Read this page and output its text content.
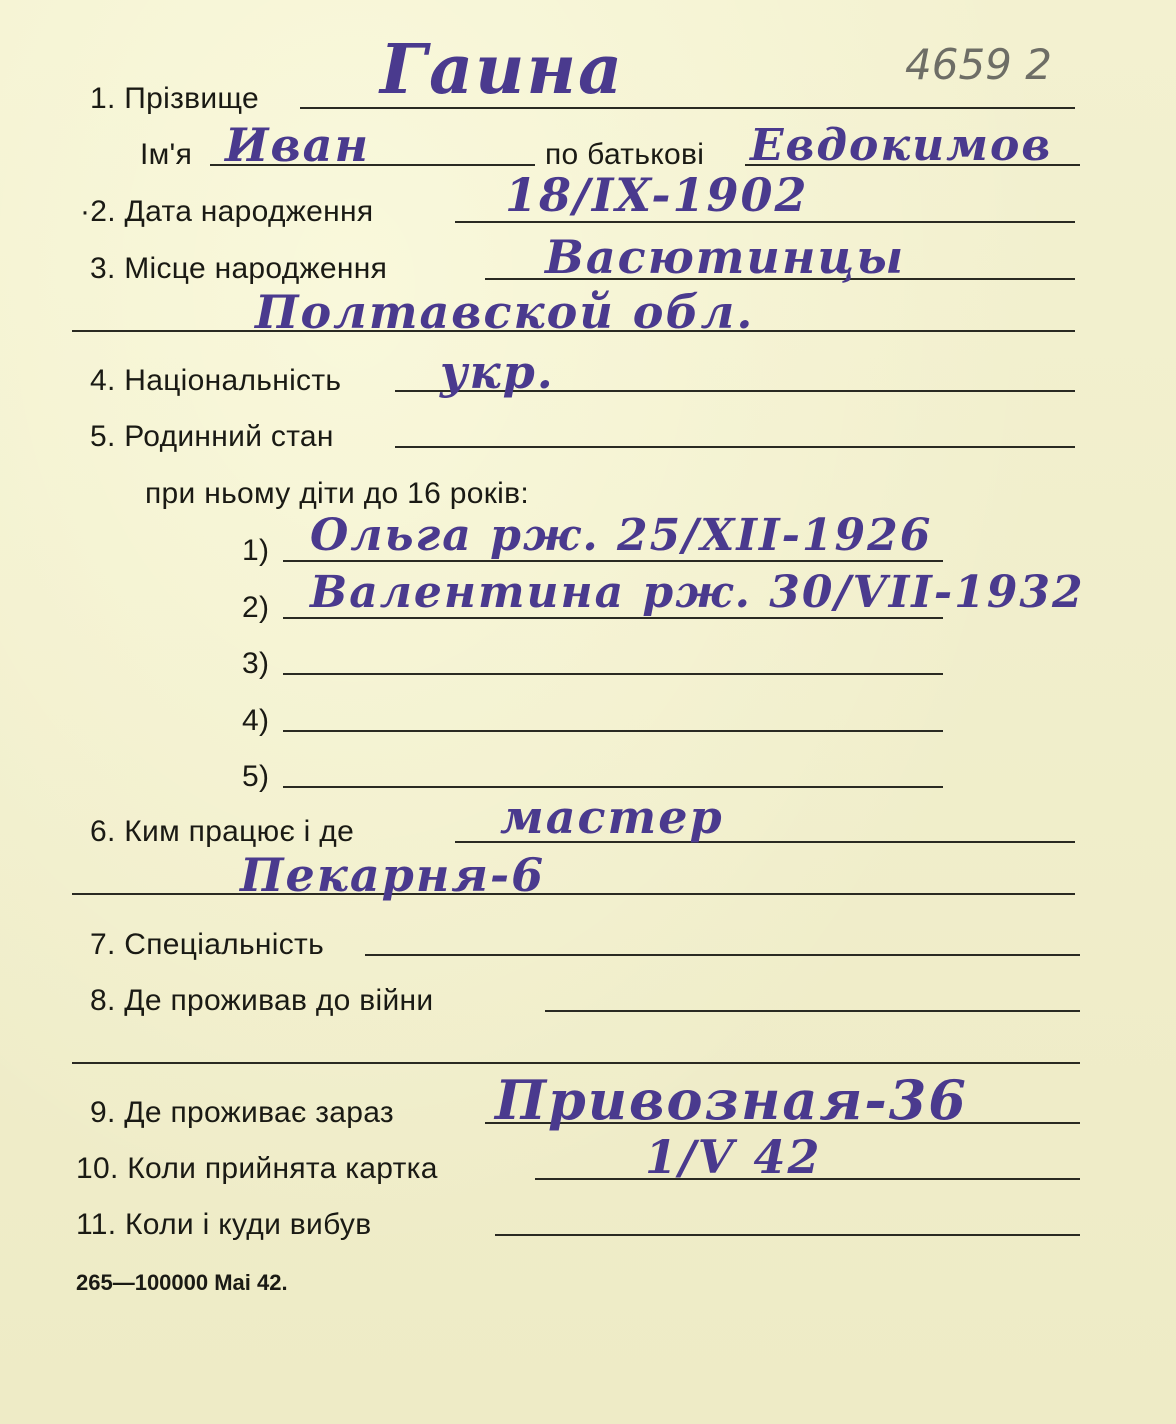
4659 2
1. Прізвище Гаина
Ім'я Иван	по батькові Евдокимов
·2. Дата народження	18/IX-1902
3. Місце народження	Васютинцы
Полтавской обл.
4. Національність укр.
5. Родинний стан
при ньому діти до 16 років:
1) Ольга рж. 25/XII-1926
2) Валентина рж. 30/VII-1932
3)
4)
5)
6. Ким працює і де	мастер
Пекарня-6
7. Спеціальність
8. Де проживав до війни
9. Де проживає зараз Привозная-36
10. Коли прийнята картка	1/V 42
11. Коли і куди вибув
265—100000 Mai 42.
